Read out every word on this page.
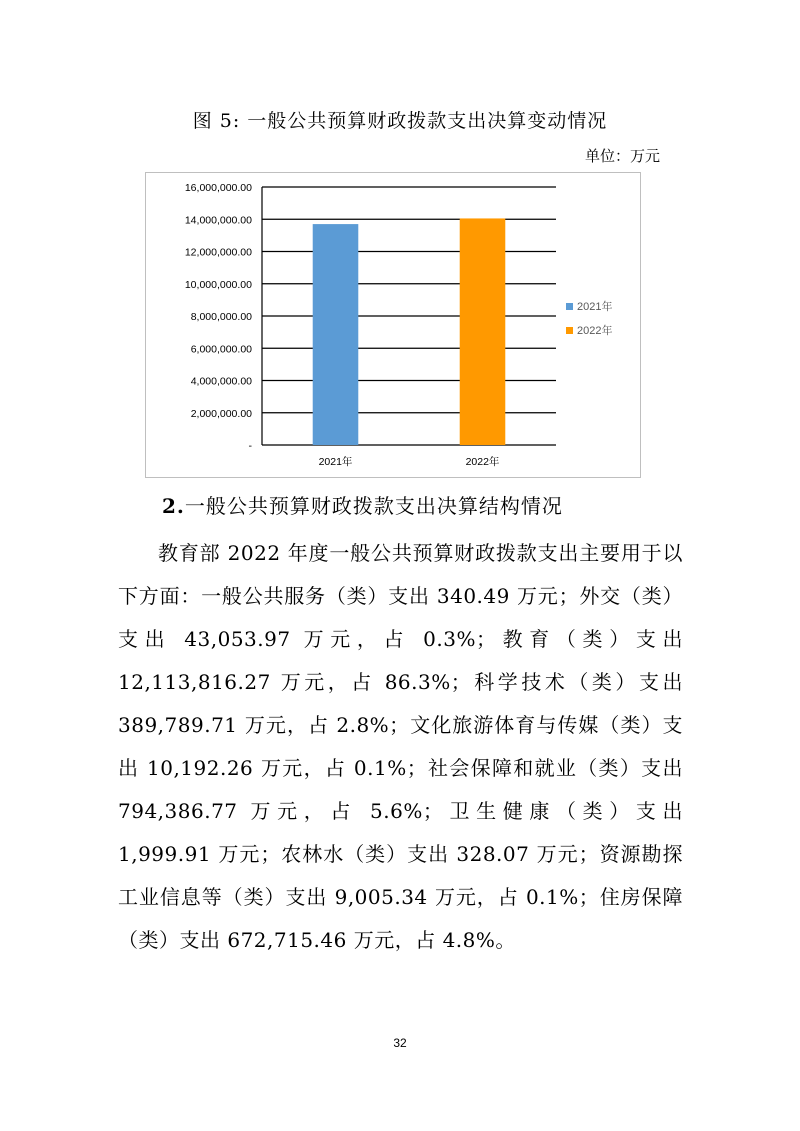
图 5: 一般公共预算财政拨款支出决算变动情况
单位：万元
-
2,000,000.00
4,000,000.00
6,000,000.00
8,000,000.00
10,000,000.00
12,000,000.00
14,000,000.00
16,000,000.00
2021年	2022年
2021年
2022年
2.一般公共预算财政拨款支出决算结构情况

教育部 2022 年度一般公共预算财政拨款支出主要用于以下方面：一般公共服务（类）支出 340.49 万元；外交（类）支出 43,053.97 万元，占 0.3%；教育（类）支出 12,113,816.27 万元，占 86.3%；科学技术（类）支出 389,789.71 万元，占 2.8%；文化旅游体育与传媒（类）支出 10,192.26 万元，占 0.1%；社会保障和就业（类）支出 794,386.77 万元，占 5.6%；卫生健康（类）支出 1,999.91 万元；农林水（类）支出 328.07 万元；资源勘探工业信息等（类）支出 9,005.34 万元，占 0.1%；住房保障（类）支出 672,715.46 万元，占 4.8%。

32
